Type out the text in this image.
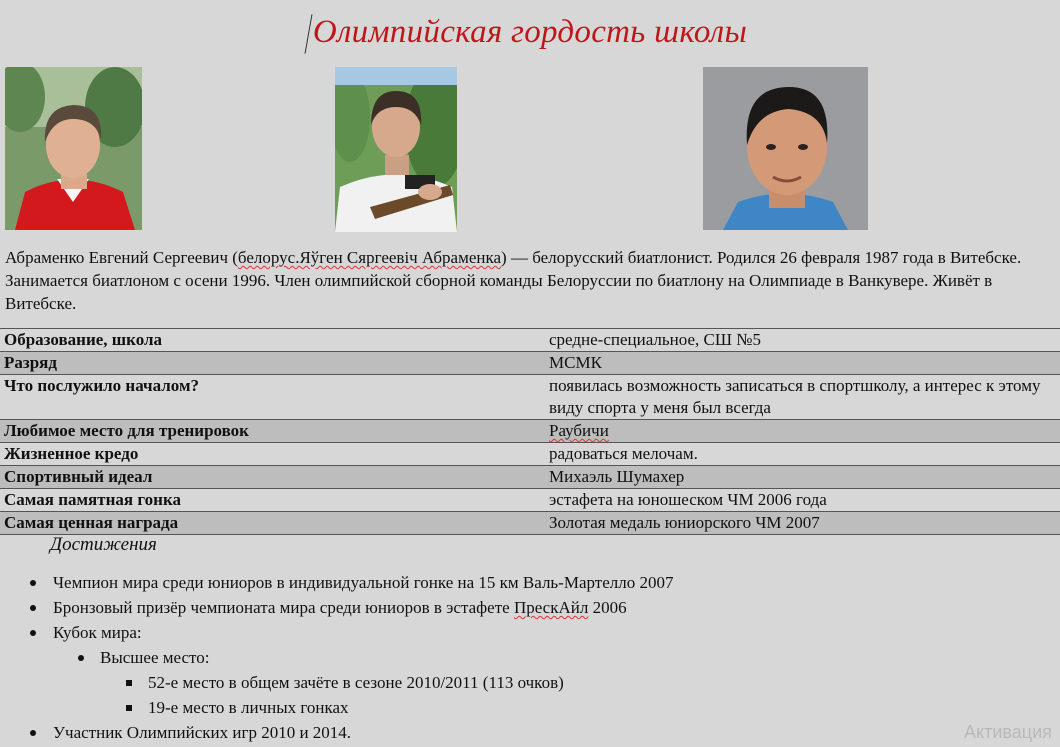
Олимпийская гордость школы
Абраменко Евгений Сергеевич (белорус.Яўген Сяргеевіч Абраменка) — белорусский биатлонист. Родился 26 февраля 1987 года в Витебске. Занимается биатлоном с осени 1996. Член олимпийской сборной команды Белоруссии по биатлону на Олимпиаде в Ванкувере. Живёт в Витебске.
Образование, школа	средне-специальное, СШ №5
Разряд	МСМК
Что послужило началом?	появилась возможность записаться в спортшколу, а интерес к этому виду спорта у меня был всегда
Любимое место для тренировок	Раубичи
Жизненное кредо	радоваться мелочам.
Спортивный идеал	Михаэль Шумахер
Самая памятная гонка	эстафета на юношеском ЧМ 2006 года
Самая ценная награда	Золотая медаль юниорского ЧМ 2007
Достижения
Чемпион мира среди юниоров в индивидуальной гонке на 15 км Валь-Мартелло 2007
Бронзовый призёр чемпионата мира среди юниоров в эстафете ПрескАйл 2006
Кубок мира:
Высшее место:
52-е место в общем зачёте в сезоне 2010/2011 (113 очков)
19-е место в личных гонках
Участник Олимпийских игр 2010 и 2014.	Активация
